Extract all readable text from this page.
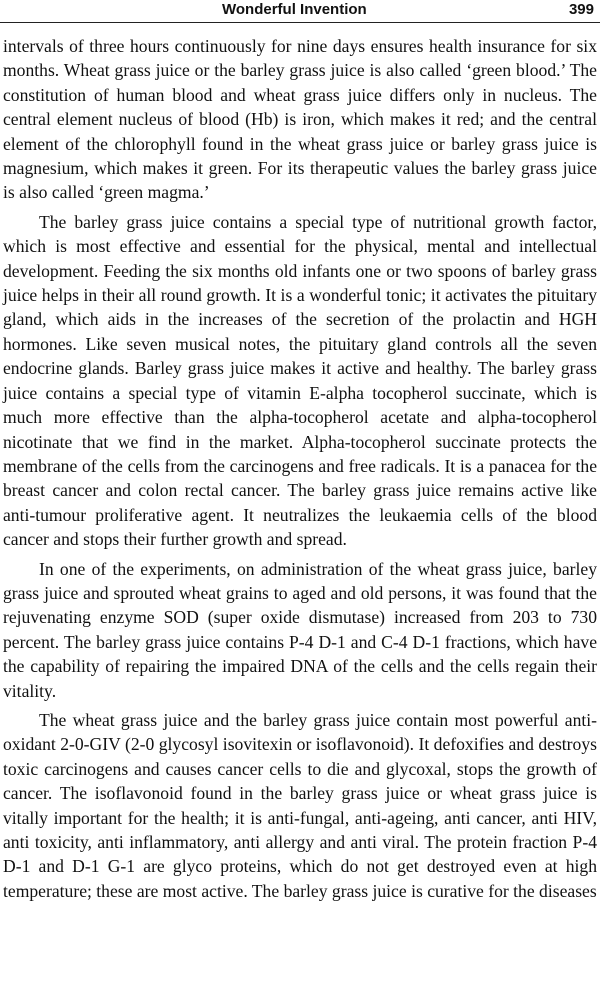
Wonderful Invention	399

intervals of three hours continuously for nine days ensures health insurance for six months. Wheat grass juice or the barley grass juice is also called ‘green blood.’ The constitution of human blood and wheat grass juice differs only in nucleus. The central element nucleus of blood (Hb) is iron, which makes it red; and the central element of the chlorophyll found in the wheat grass juice or barley grass juice is magnesium, which makes it green. For its therapeutic values the barley grass juice is also called ‘green magma.’

The barley grass juice contains a special type of nutritional growth factor, which is most effective and essential for the physical, mental and intellectual development. Feeding the six months old infants one or two spoons of barley grass juice helps in their all round growth. It is a wonderful tonic; it activates the pituitary gland, which aids in the increases of the secretion of the prolactin and HGH hormones. Like seven musical notes, the pituitary gland controls all the seven endocrine glands. Barley grass juice makes it active and healthy. The barley grass juice contains a special type of vitamin E-alpha tocopherol succinate, which is much more effective than the alpha-tocopherol acetate and alpha-tocopherol nicotinate that we find in the market. Alpha-tocopherol succinate protects the membrane of the cells from the carcinogens and free radicals. It is a panacea for the breast cancer and colon rectal cancer. The barley grass juice remains active like anti-tumour proliferative agent. It neutralizes the leukaemia cells of the blood cancer and stops their further growth and spread.

In one of the experiments, on administration of the wheat grass juice, barley grass juice and sprouted wheat grains to aged and old persons, it was found that the rejuvenating enzyme SOD (super oxide dismutase) increased from 203 to 730 percent. The barley grass juice contains P-4 D-1 and C-4 D-1 fractions, which have the capability of repairing the impaired DNA of the cells and the cells regain their vitality.

The wheat grass juice and the barley grass juice contain most powerful anti-oxidant 2-0-GIV (2-0 glycosyl isovitexin or isoflavonoid). It defoxifies and destroys toxic carcinogens and causes cancer cells to die and glycoxal, stops the growth of cancer. The isoflavonoid found in the barley grass juice or wheat grass juice is vitally important for the health; it is anti-fungal, anti-ageing, anti cancer, anti HIV, anti toxicity, anti inflammatory, anti allergy and anti viral. The protein fraction P-4 D-1 and D-1 G-1 are glyco proteins, which do not get destroyed even at high temperature; these are most active. The barley grass juice is curative for the diseases
